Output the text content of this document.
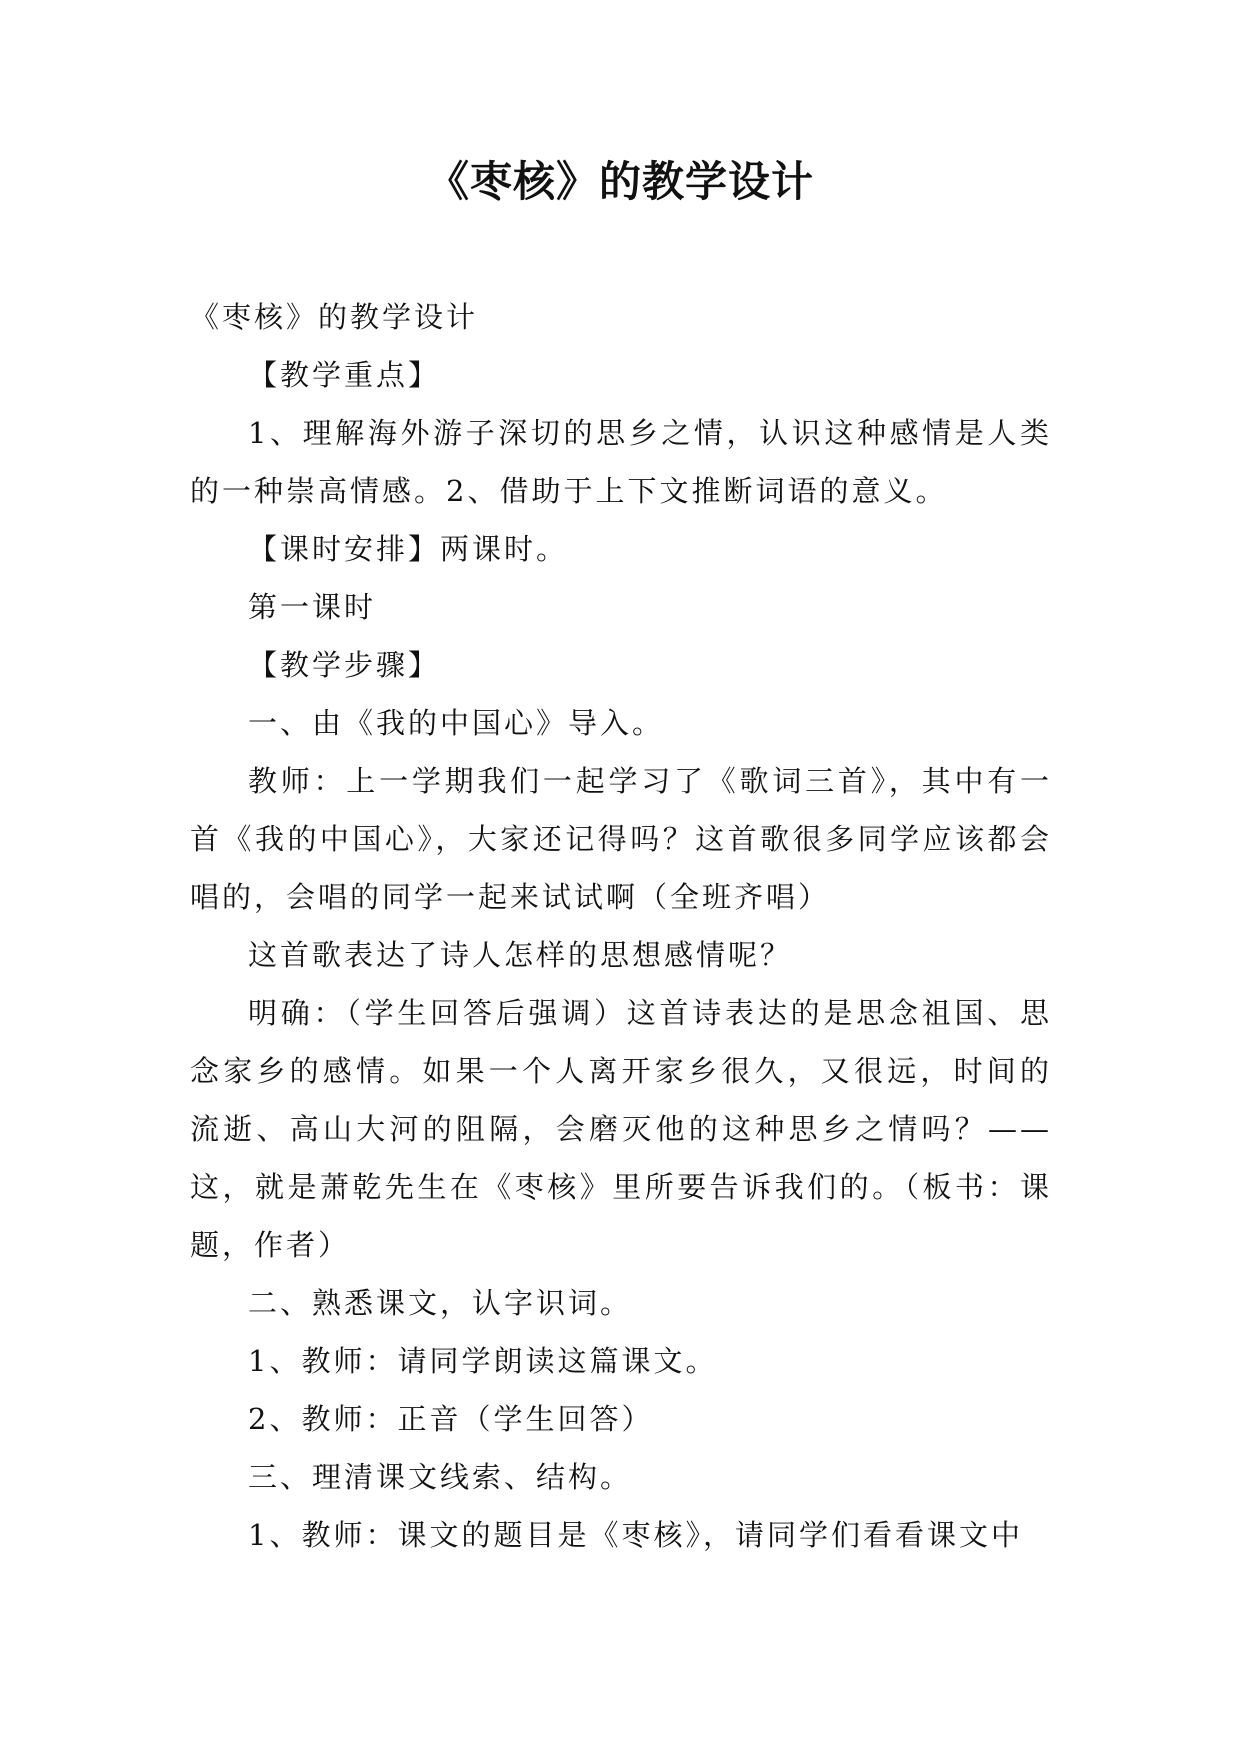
《枣核》的教学设计

《枣核》的教学设计

【教学重点】

1、理解海外游子深切的思乡之情，认识这种感情是人类的一种崇高情感。2、借助于上下文推断词语的意义。

【课时安排】两课时。

第一课时

【教学步骤】

一、由《我的中国心》导入。

教师：上一学期我们一起学习了《歌词三首》，其中有一首《我的中国心》，大家还记得吗？这首歌很多同学应该都会唱的，会唱的同学一起来试试啊（全班齐唱）

这首歌表达了诗人怎样的思想感情呢？

明确：（学生回答后强调）这首诗表达的是思念祖国、思念家乡的感情。如果一个人离开家乡很久，又很远，时间的流逝、高山大河的阻隔，会磨灭他的这种思乡之情吗？——这，就是萧乾先生在《枣核》里所要告诉我们的。（板书：课题，作者）

二、熟悉课文，认字识词。

1、教师：请同学朗读这篇课文。

2、教师：正音（学生回答）

三、理清课文线索、结构。

1、教师：课文的题目是《枣核》，请同学们看看课文中
